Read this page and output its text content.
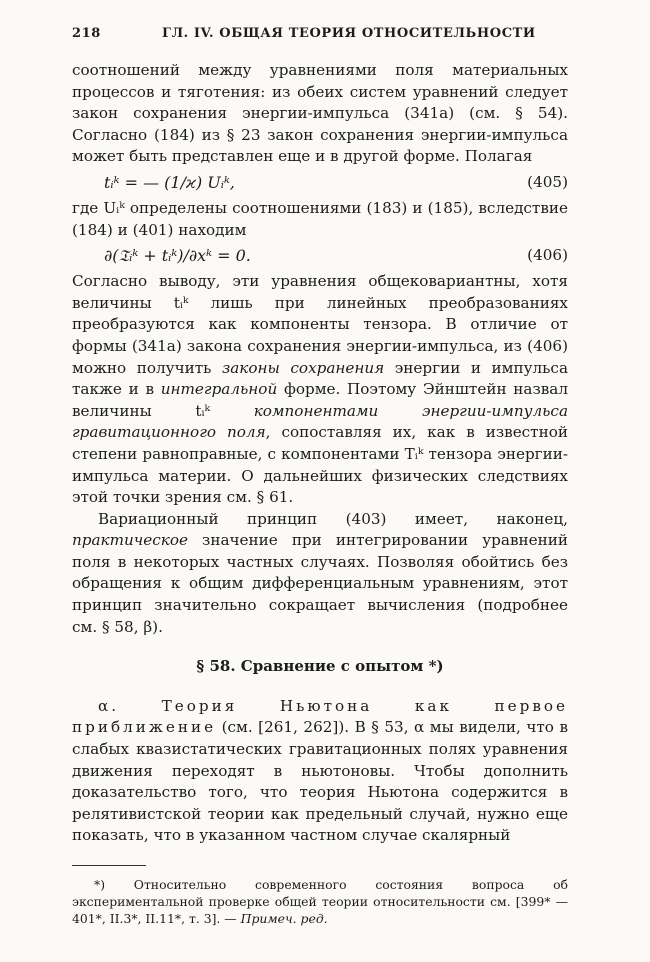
218	ГЛ. IV. ОБЩАЯ ТЕОРИЯ ОТНОСИТЕЛЬНОСТИ

соотношений между уравнениями поля материальных процессов и тяготения: из обеих систем уравнений следует закон сохранения энергии-импульса (341a) (см. § 54). Согласно (184) из § 23 закон сохранения энергии-импульса может быть представлен еще и в другой форме. Полагая

tᵢᵏ = — (1/ϰ) Uᵢᵏ,	(405)

где Uᵢᵏ определены соотношениями (183) и (185), вследствие (184) и (401) находим

∂(𝔗ᵢᵏ + tᵢᵏ)/∂xᵏ = 0.	(406)

Согласно выводу, эти уравнения общековариантны, хотя величины tᵢᵏ лишь при линейных преобразованиях преобразуются как компоненты тензора. В отличие от формы (341a) закона сохранения энергии-импульса, из (406) можно получить законы сохранения энергии и импульса также и в интегральной форме. Поэтому Эйнштейн назвал величины tᵢᵏ компонентами энергии-импульса гравитационного поля, сопоставляя их, как в известной степени равноправные, с компонентами Tᵢᵏ тензора энергии-импульса материи. О дальнейших физических следствиях этой точки зрения см. § 61.

Вариационный принцип (403) имеет, наконец, практическое значение при интегрировании уравнений поля в некоторых частных случаях. Позволяя обойтись без обращения к общим дифференциальным уравнениям, этот принцип значительно сокращает вычисления (подробнее см. § 58, β).

§ 58. Сравнение с опытом *)

α. Теория Ньютона как первое приближение (см. [261, 262]). В § 53, α мы видели, что в слабых квазистатических гравитационных полях уравнения движения переходят в ньютоновы. Чтобы дополнить доказательство того, что теория Ньютона содержится в релятивистской теории как предельный случай, нужно еще показать, что в указанном частном случае скалярный

*) Относительно современного состояния вопроса об экспериментальной проверке общей теории относительности см. [399* — 401*, II.3*, II.11*, т. 3]. — Примеч. ред.
